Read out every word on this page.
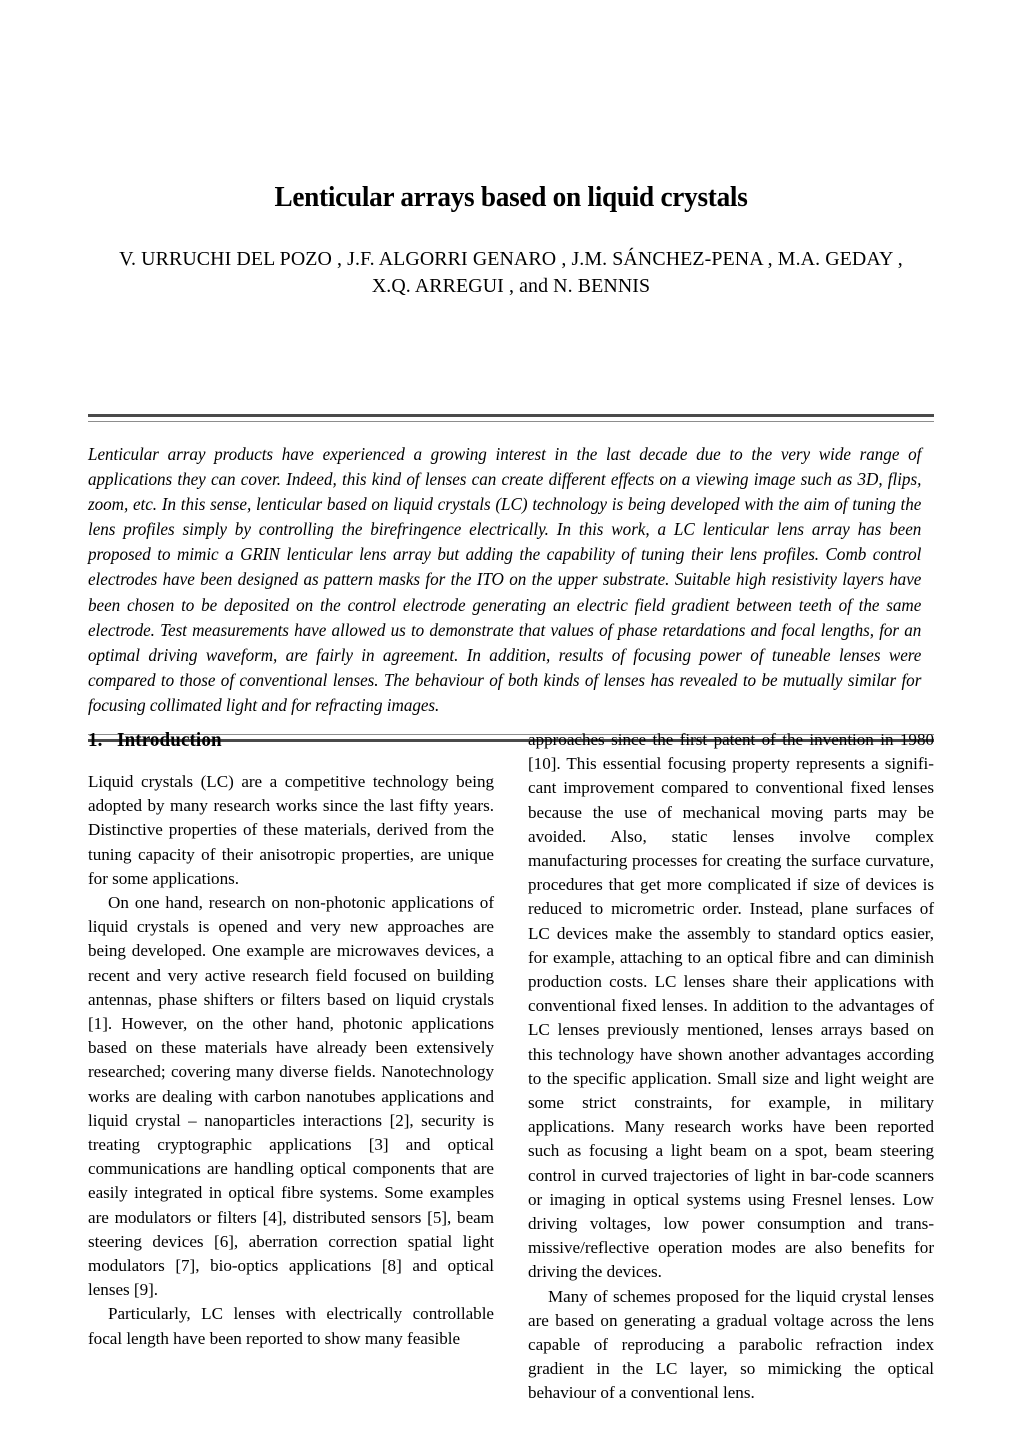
Lenticular arrays based on liquid crystals
V. URRUCHI DEL POZO , J.F. ALGORRI GENARO , J.M. SÁNCHEZ-PENA , M.A. GEDAY ,
X.Q. ARREGUI , and N. BENNIS

Lenticular array products have experienced a growing interest in the last decade due to the very wide range of applications they can cover. Indeed, this kind of lenses can create different effects on a viewing image such as 3D, flips, zoom, etc. In this sense, lenticular based on liquid crystals (LC) technology is being developed with the aim of tuning the lens profiles simply by controlling the birefringence electrically. In this work, a LC lenticular lens array has been proposed to mimic a GRIN lenticular lens array but adding the capability of tuning their lens profiles. Comb control electrodes have been designed as pattern masks for the ITO on the upper substrate. Suitable high resistivity layers have been chosen to be deposited on the control electrode generating an electric field gradient between teeth of the same electrode. Test measurements have allowed us to demonstrate that values of phase retardations and focal lengths, for an optimal driving waveform, are fairly in agreement. In addition, results of focusing power of tuneable lenses were compared to those of conventional lenses. The behaviour of both kinds of lenses has revealed to be mutually similar for focusing collimated light and for refracting images.

1.   Introduction

Liquid crystals (LC) are a competitive technology being adopted by many research works since the last fifty years. Distinctive properties of these materials, derived from the tuning capacity of their anisotropic properties, are unique for some applications.

On one hand, research on non-photonic applications of liquid crystals is opened and very new approaches are being developed. One example are microwaves devices, a recent and very active research field focused on building antennas, phase shifters or filters based on liquid crystals [1]. However, on the other hand, photonic applications based on these materials have already been extensively researched; covering many diverse fields. Nanotechnology works are dealing with carbon nanotubes applications and liquid crystal – nanoparticles interactions [2], security is treating cryptographic applications [3] and optical communications are handling optical components that are easily integrated in optical fibre systems. Some examples are modulators or filters [4], distributed sensors [5], beam steering devices [6], aberration correction spatial light modulators [7], bio-optics applications [8] and optical lenses [9].

Particularly, LC lenses with electrically controllable focal length have been reported to show many feasible

approaches since the first patent of the invention in 1980 [10]. This essential focusing property represents a significant improvement compared to conventional fixed lenses because the use of mechanical moving parts may be avoided. Also, static lenses involve complex manufacturing processes for creating the surface curvature, procedures that get more complicated if size of devices is reduced to micrometric order. Instead, plane surfaces of LC devices make the assembly to standard optics easier, for example, attaching to an optical fibre and can diminish production costs. LC lenses share their applications with conventional fixed lenses. In addition to the advantages of LC lenses previously mentioned, lenses arrays based on this technology have shown another advantages according to the specific application. Small size and light weight are some strict constraints, for example, in military applications. Many research works have been reported such as focusing a light beam on a spot, beam steering control in curved trajectories of light in bar-code scanners or imaging in optical systems using Fresnel lenses. Low driving voltages, low power consumption and trans-missive/reflective operation modes are also benefits for driving the devices.

Many of schemes proposed for the liquid crystal lenses are based on generating a gradual voltage across the lens capable of reproducing a parabolic refraction index gradient in the LC layer, so mimicking the optical behaviour of a conventional lens.
